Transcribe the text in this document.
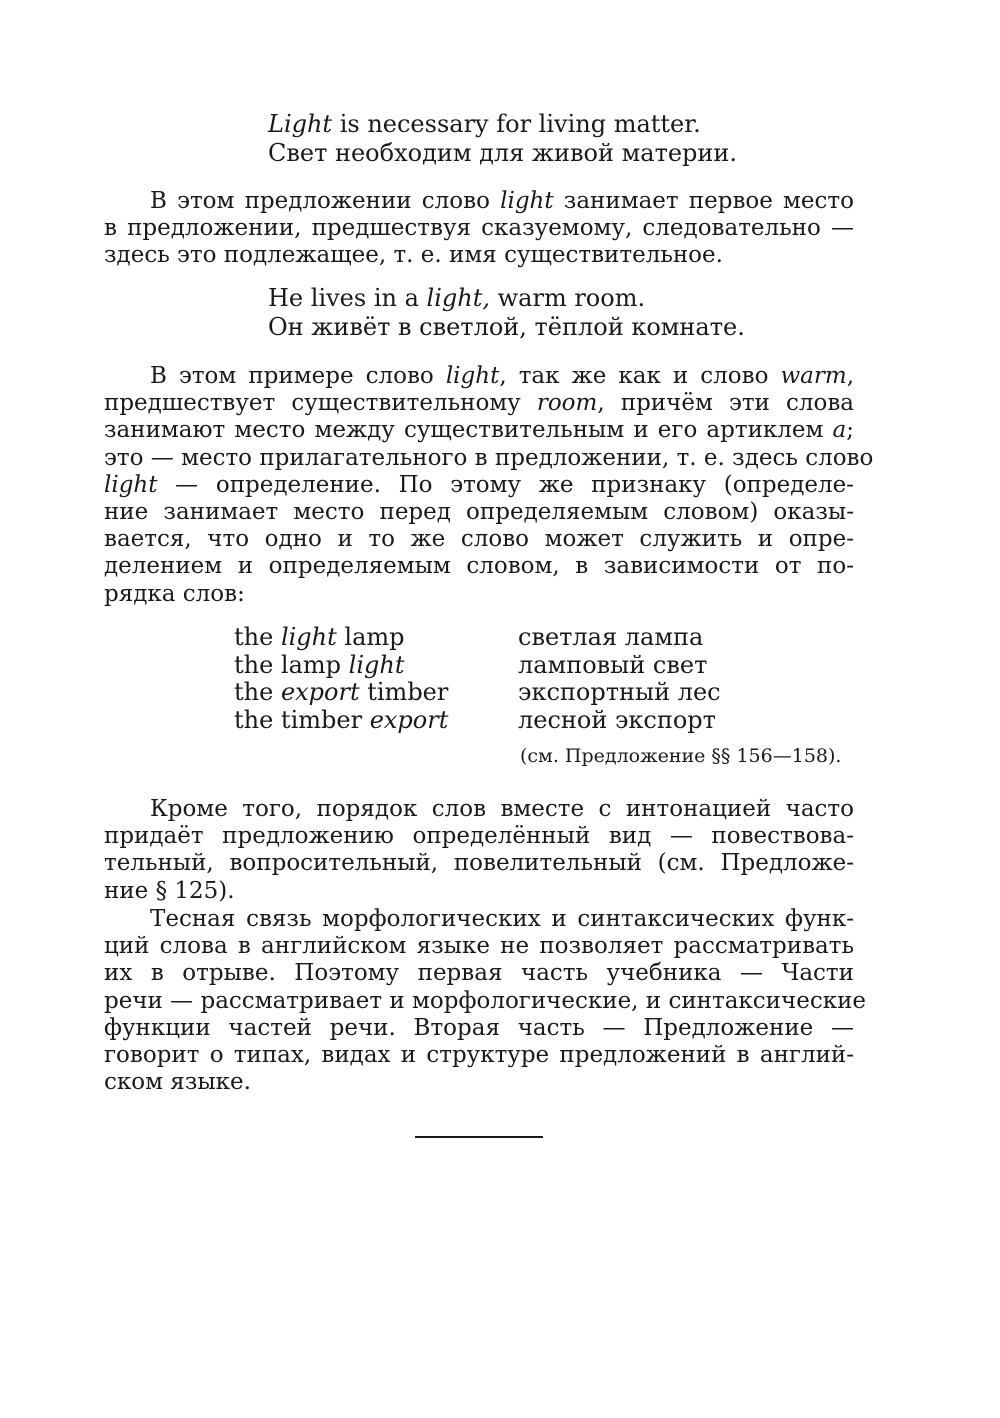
Light is necessary for living matter.
Свет необходим для живой материи.
В этом предложении слово light занимает первое место
в предложении, предшествуя сказуемому, следовательно —
здесь это подлежащее, т. е. имя существительное.
He lives in a light, warm room.
Он живёт в светлой, тёплой комнате.
В этом примере слово light, так же как и слово warm,
предшествует существительному room, причём эти слова
занимают место между существительным и его артиклем a;
это — место прилагательного в предложении, т. е. здесь слово
light — определение. По этому же признаку (определе-
ние занимает место перед определяемым словом) оказы-
вается, что одно и то же слово может служить и опре-
делением и определяемым словом, в зависимости от по-
рядка слов:
the light lamp	светлая лампа
the lamp light	ламповый свет
the export timber	экспортный лес
the timber export	лесной экспорт
(см. Предложение §§ 156—158).
Кроме того, порядок слов вместе с интонацией часто
придаёт предложению определённый вид — повествова-
тельный, вопросительный, повелительный (см. Предложе-
ние § 125).
Тесная связь морфологических и синтаксических функ-
ций слова в английском языке не позволяет рассматривать
их в отрыве. Поэтому первая часть учебника — Части
речи — рассматривает и морфологические, и синтаксические
функции частей речи. Вторая часть — Предложение —
говорит о типах, видах и структуре предложений в англий-
ском языке.
